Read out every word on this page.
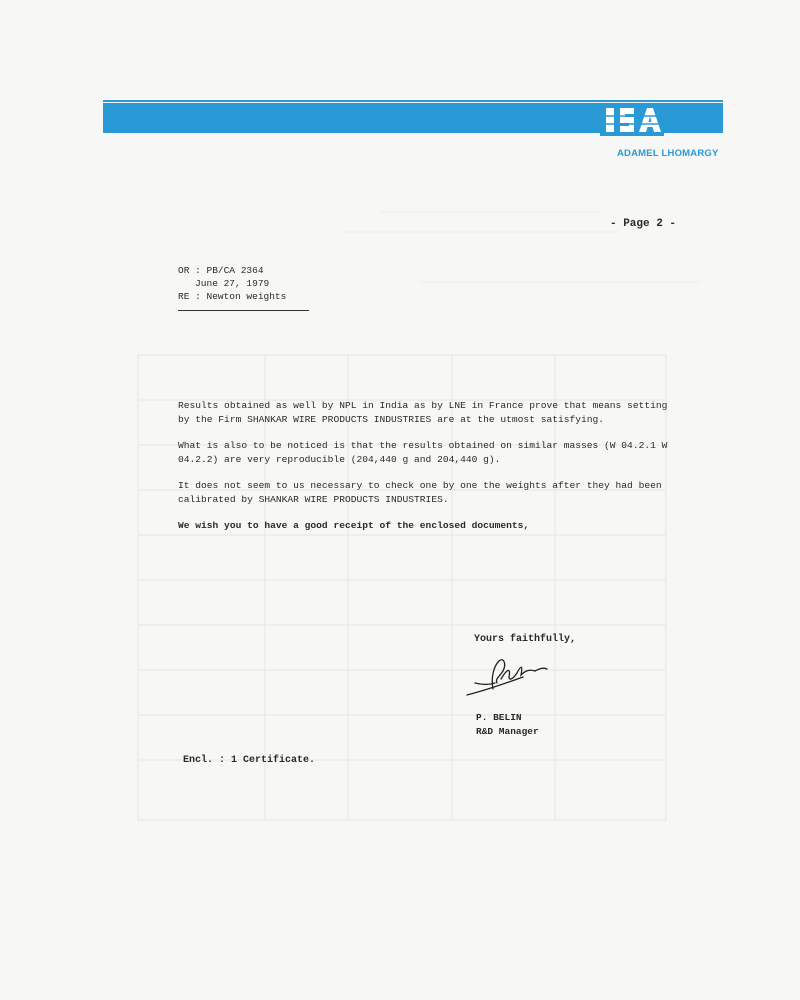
ADAMEL LHOMARGY
- Page 2 -
OR : PB/CA 2364
June 27, 1979
RE : Newton weights

Results obtained as well by NPL in India as by LNE in France prove that means setting by the Firm SHANKAR WIRE PRODUCTS INDUSTRIES are at the utmost satisfying.

What is also to be noticed is that the results obtained on similar masses (W 04.2.1 W 04.2.2) are very reproducible (204,440 g and 204,440 g).

It does not seem to us necessary to check one by one the weights after they had been calibrated by SHANKAR WIRE PRODUCTS INDUSTRIES.

We wish you to have a good receipt of the enclosed documents,

Yours faithfully,
P. BELIN
R&D Manager
Encl. : 1 Certificate.
